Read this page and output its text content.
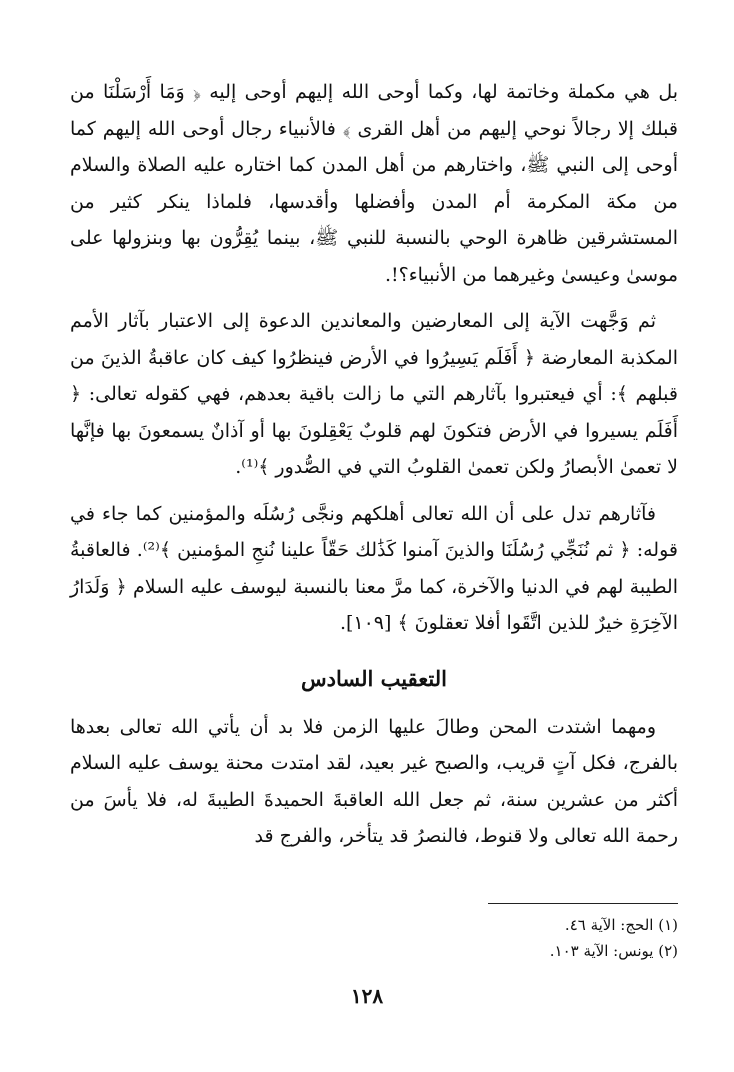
بل هي مكملة وخاتمة لها، وكما أوحى الله إليهم أوحى إليه ﴿ وَمَا أَرْسَلْنَا من قبلك إلا رجالاً نوحي إليهم من أهل القرى ﴾ فالأنبياء رجال أوحى الله إليهم كما أوحى إلى النبي ﷺ، واختارهم من أهل المدن كما اختاره عليه الصلاة والسلام من مكة المكرمة أم المدن وأفضلها وأقدسها، فلماذا ينكر كثير من المستشرقين ظاهرة الوحي بالنسبة للنبي ﷺ، بينما يُقِرُّون بها وبنزولها على موسىٰ وعيسىٰ وغيرهما من الأنبياء؟!.

ثم وَجَّهت الآية إلى المعارضين والمعاندين الدعوة إلى الاعتبار بآثار الأمم المكذبة المعارضة ﴿ أَفَلَم يَسِيرُوا في الأرض فينظرُوا كيف كان عاقبةُ الذينَ من قبلهم ﴾: أي فيعتبروا بآثارهم التي ما زالت باقية بعدهم، فهي كقوله تعالى: ﴿ أَفَلَم يسيروا في الأرض فتكونَ لهم قلوبٌ يَعْقِلونَ بها أو آذانٌ يسمعونَ بها فإنَّها لا تعمىٰ الأبصارُ ولكن تعمىٰ القلوبُ التي في الصُّدور ﴾⁽¹⁾.

فآثارهم تدل على أن الله تعالى أهلكهم ونجَّى رُسُلَه والمؤمنين كما جاء في قوله: ﴿ ثم نُنَجِّي رُسُلَنَا والذينَ آمنوا كَذَٰلك حَقّاً علينا نُنجِ المؤمنين ﴾⁽²⁾. فالعاقبةُ الطيبة لهم في الدنيا والآخرة، كما مرَّ معنا بالنسبة ليوسف عليه السلام ﴿ وَلَدَارُ الآخِرَةِ خيرٌ للذين اتَّقَوا أفلا تعقلونَ ﴾ [١٠٩].

التعقيب السادس

ومهما اشتدت المحن وطالَ عليها الزمن فلا بد أن يأتي الله تعالى بعدها بالفرج، فكل آتٍ قريب، والصبح غير بعيد، لقد امتدت محنة يوسف عليه السلام أكثر من عشرين سنة، ثم جعل الله العاقبةَ الحميدةَ الطيبةَ له، فلا يأسَ من رحمة الله تعالى ولا قنوط، فالنصرُ قد يتأخر، والفرج قد

(١) الحج: الآية ٤٦.
(٢) يونس: الآية ١٠٣.
١٢٨
